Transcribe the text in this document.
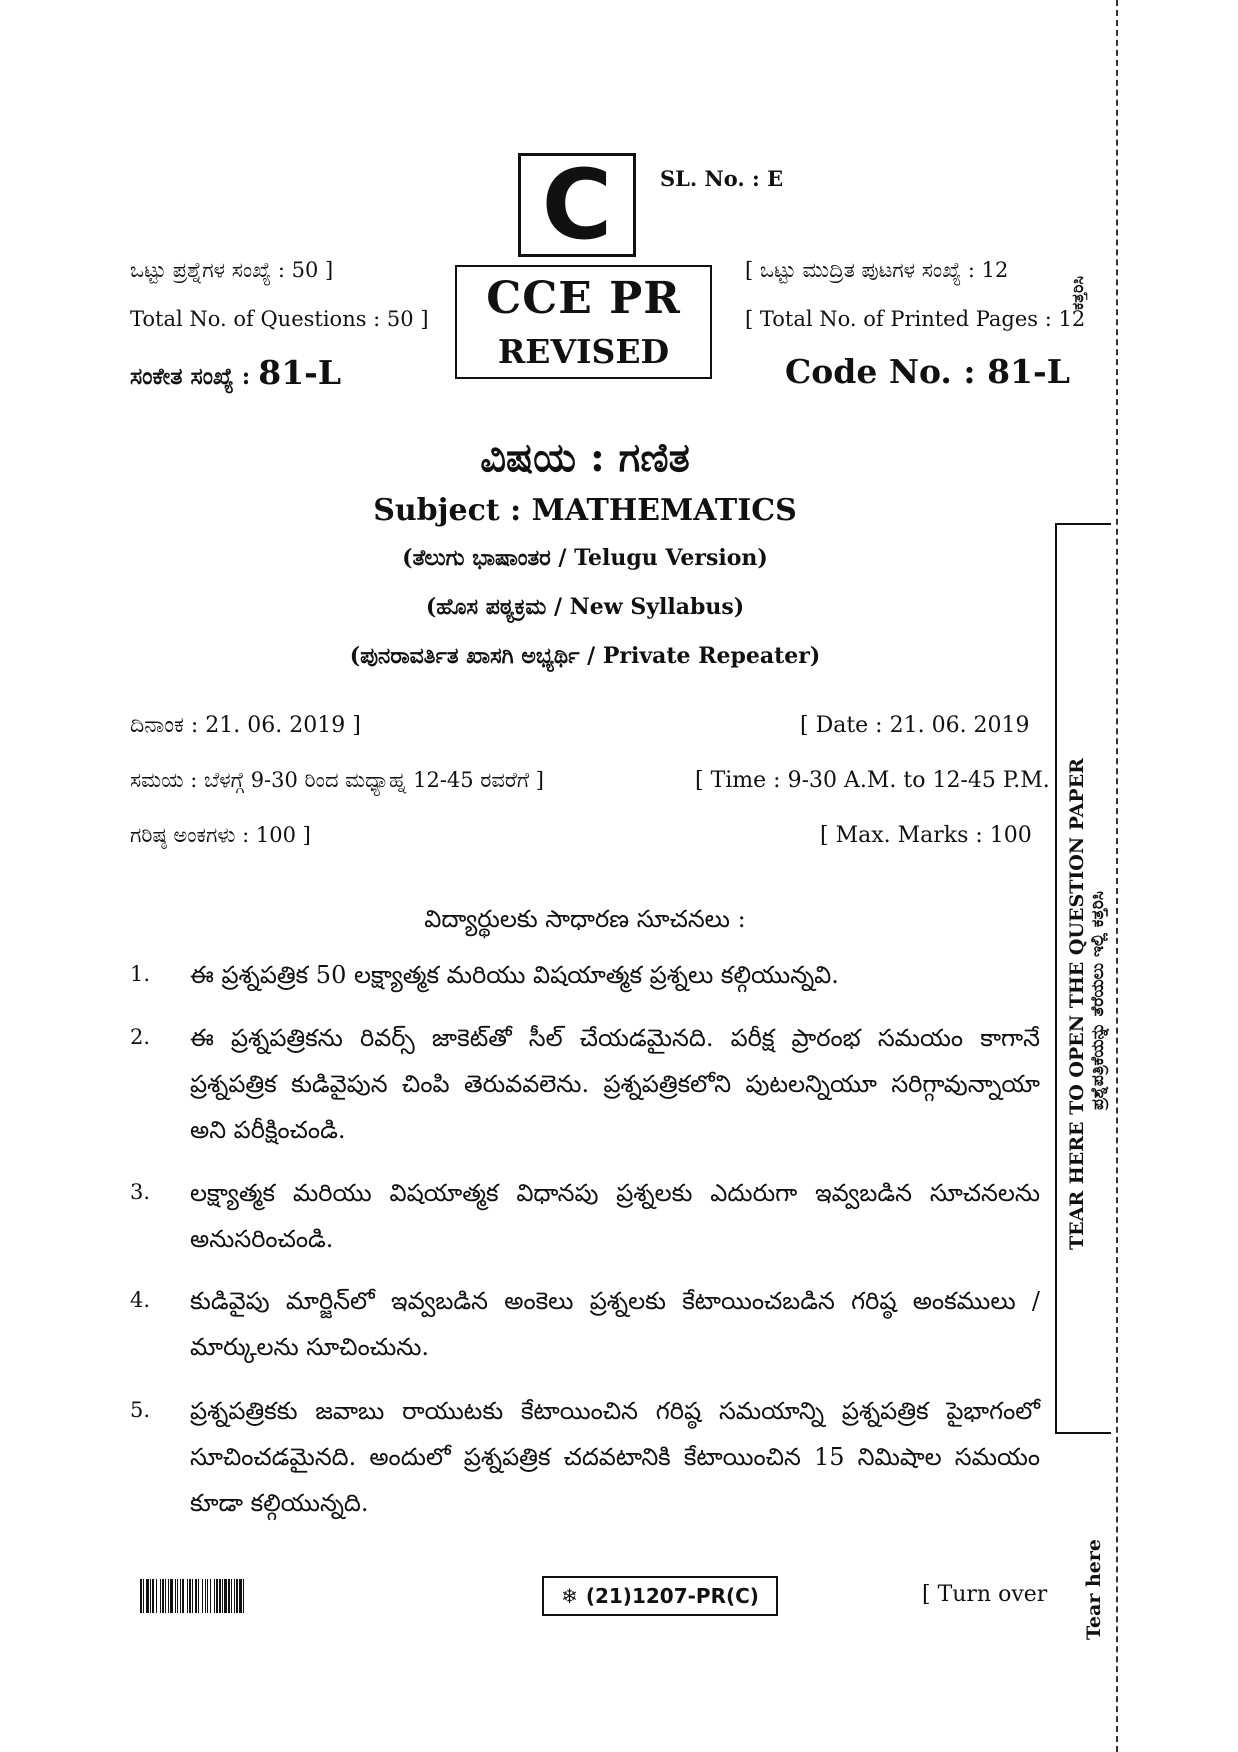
C SL. No. : E
ಒಟ್ಟು ಪ್ರಶ್ನೆಗಳ ಸಂಖ್ಯೆ : 50 ]
Total No. of Questions : 50 ]	CCE PR
REVISED
[ ಒಟ್ಟು ಮುದ್ರಿತ ಪುಟಗಳ ಸಂಖ್ಯೆ : 12
[ Total No. of Printed Pages : 12
ಸಂಕೇತ ಸಂಖ್ಯೆ : 81-L	Code No. : 81-L
ವಿಷಯ : ಗಣಿತ
Subject : MATHEMATICS
(ತೆಲುಗು ಭಾಷಾಂತರ / Telugu Version)
(ಹೊಸ ಪಠ್ಯಕ್ರಮ / New Syllabus)
(ಪುನರಾವರ್ತಿತ ಖಾಸಗಿ ಅಭ್ಯರ್ಥಿ / Private Repeater)
ದಿನಾಂಕ : 21. 06. 2019 ]	[ Date : 21. 06. 2019
ಸಮಯ : ಬೆಳಗ್ಗೆ 9-30 ರಿಂದ ಮಧ್ಯಾಹ್ನ 12-45 ರವರೆಗೆ ]	[ Time : 9-30 A.M. to 12-45 P.M.
ಗರಿಷ್ಠ ಅಂಕಗಳು : 100 ]	[ Max. Marks : 100
విద్యార్థులకు సాధారణ సూచనలు :
1. ఈ ప్రశ్నపత్రిక 50 లక్ష్యాత్మక మరియు విషయాత్మక ప్రశ్నలు కల్గియున్నవి.
2. ఈ ప్రశ్నపత్రికను రివర్స్ జాకెట్‌తో సీల్ చేయడమైనది. పరీక్ష ప్రారంభ సమయం కాగానే ప్రశ్నపత్రిక కుడివైపున చింపి తెరువవలెను. ప్రశ్నపత్రికలోని పుటలన్నియూ సరిగ్గావున్నాయా అని పరీక్షించండి.
3. లక్ష్యాత్మక మరియు విషయాత్మక విధానపు ప్రశ్నలకు ఎదురుగా ఇవ్వబడిన సూచనలను అనుసరించండి.
4. కుడివైపు మార్జిన్‌లో ఇవ్వబడిన అంకెలు ప్రశ్నలకు కేటాయించబడిన గరిష్ఠ అంకములు / మార్కులను సూచించును.
5. ప్రశ్నపత్రికకు జవాబు రాయుటకు కేటాయించిన గరిష్ఠ సమయాన్ని ప్రశ్నపత్రిక పైభాగంలో సూచించడమైనది. అందులో ప్రశ్నపత్రిక చదవటానికి కేటాయించిన 15 నిమిషాల సమయం కూడా కల్గియున్నది.
❄ (21)1207-PR(C)	[ Turn over
ಕತ್ತರಿಸಿ
TEAR HERE TO OPEN THE QUESTION PAPER ಪ್ರಶ್ನೆಪತ್ರಿಕೆಯನ್ನು ತೆರೆಯಲು ಇಲ್ಲಿ ಕತ್ತರಿಸಿ
Tear here
